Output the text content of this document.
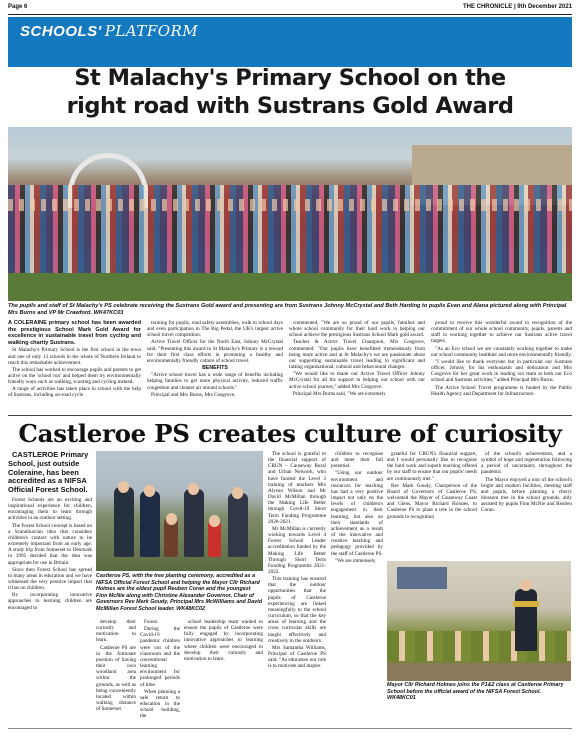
Page 6	THE CHRONICLE | 9th December 2021
SCHOOLS' PLATFORM
St Malachy's Primary School on the
right road with Sustrans Gold Award
The pupils and staff of St Malachy's PS celebrate receiving the Sustrans Gold award and presenting are from Sustrans Johnny McCrystal and Beth Harding to pupils Evan and Alana pictured along with Principal Mrs Burns and VP Mr Crawford. WK47KC03

A COLERAINE primary school has been awarded the prestigious School Mark Gold Award for excellence in sustainable travel from cycling and walking charity Sustrans.

St Malachy's Primary School is the first school in the town and one of only 13 schools in the whole of Northern Ireland to reach this remarkable achievement.

The school has worked to encourage pupils and parents to get active on the 'school run' and helped them try environmentally friendly ways such as walking, scooting and cycling instead.

A range of activities has taken place in school with the help of Sustrans, including on-road cycle

training for pupils, road safety assemblies, walk to school days and even participation in The Big Pedal, the UK's largest active school travel competition.

Active Travel Officer for the North East, Johnny McCrystal said, "Presenting this award to St Malachy's Primary is a reward for their first class efforts in promoting a healthy and environmentally friendly culture of school travel.

BENEFITS

"Active school travel has a wide range of benefits including helping families to get more physical activity, reduced traffic congestion and cleaner air around schools."

Principal and Mrs Burns, Mrs Cosgrove,

commented, "We are so proud of our pupils, families and whole school community for their hard work in helping our school achieve the prestigious Sustrans School Mark gold award.

Teacher & Active Travel Champion, Mrs Cosgrove, commented: "Our pupils have benefitted tremendously from being more active and at St Malachy's we are passionate about our supporting sustainable travel leading to significant and lasting organisational, cultural and behavioural changes.

"We would like to thank our Active Travel Officer Johnny McCrystal for all his support in helping our school with our active school journey," added Mrs Cosgrove.

Principal Mrs Burns said, "We are extremely

proud to receive this wonderful award in recognition of the commitment of our whole school community, pupils, parents and staff in working together to achieve our Sustrans active travel targets.

"As an Eco school we are constantly working together to make our school community healthier and more environmentally friendly.

"I would like to thank everyone but in particular our Sustrans officer, Johnny for his enthusiasm and dedication and Mrs Cosgrove for her great work in leading our team at both our Eco school and Sustrans activities," added Principal Mrs Burns.

The Active School Travel programme is funded by the Public Health Agency and Department for Infrastructure.

Castleroe PS creates culture of curiosity

CASTLEROE Primary School, just outside Coleraine, has been accredited as a NIFSA Official Forest School.

Forest Schools are an exciting and inspirational experience for children, encouraging them to learn through activities in an outdoor setting.

The Forest School concept is based on a Scandinavian idea that considers children's contact with nature to be extremely important from an early age. A study trip from Somerset to Denmark in 1995 decided that the idea was appropriate for use in Britain.

Since then Forest School has spread to many areas in education and we have witnessed the very positive impact that it has on children.

By incorporating innovative approaches to learning children are encouraged to

Castleroe PS, with the tree planting ceremony, accredited as a NIFSA Official Forest School and helping the Mayor Cllr Richard Holmes are the eldest pupil Reuben Coran and the youngest Finn McNie along with Christine Alexander Governor, Chair of Governors Rev Mark Goudy, Principal Mrs McWilliams and David McMillan Forest School leader. WK48KC02

develop their curiosity and motivation to learn.

Castleroe PS are in the fortunate position of having their own woodland area within the grounds, as well as being conveniently located within walking distance of Somerset

Forest.

During the Covid-19 pandemic children were out of the classroom and the conventional learning environment for prolonged periods of time.

When planning a safe return to education in the school building, the

school leadership team wanted to ensure the pupils of Castleroe were fully engaged by incorporating innovative approaches to learning where children were encouraged to develop their curiosity and motivation to learn.

The school is grateful to the financial support of CRUN – Causeway Rural and Urban Network, who have funded the Level 3 training of teachers Mrs Alyson Wilson and Mr David McMillan through the Making Life Better through Covid-19 Short Term Funding Programme 2020-2021.

Mr McMillan is currently working towards Level 4 Forest School Leader accreditation funded by the Making Life Better Through Short Term Funding Programme 2021-2022.

This training has ensured that the outdoor opportunities that the pupils of Castleroe experiencing are linked meaningfully to the school curriculum, so that the key areas of learning and the cross curricular skills are taught effectively and creatively in the outdoors.

Mrs Samantha Williams, Principal of Castleroe PS said: "As educators our role is to motivate and inspire

children to recognise and meet their full potential.

"Using our outdoor environment and resources for teaching has had a very positive impact not only on the levels of children's engagement in their learning, but also on their standards of achievement as a result of the innovative and creative teaching and pedagogy provided by the staff of Castleroe PS.

"We are immensely

grateful for CRUN's financial support, and I would personally like to recognise the hard work and superb teaching offered by our staff to ensure that our pupils' needs are continuously met."

Rev Mark Goudy, Chairperson of the Board of Governors of Castleroe PS, welcomed the Mayor of Causeway Coast and Glens, Mayor Richard Holmes, to Castleroe PS to plant a tree in the school grounds in recognition

of the school's achievement, and a symbol of hope and regeneration following a period of uncertainty throughout the pandemic.

The Mayor enjoyed a tour of the school's bright and modern facilities, meeting staff and pupils, before planting a cherry blossom tree in the school grounds, ably assisted by pupils Finn McNie and Reuben Coran.

Mayor Cllr Richard Holmes joins the P1&2 class at Castleroe Primary School before the official award of the NIFSA Forest School. WK48KC01
